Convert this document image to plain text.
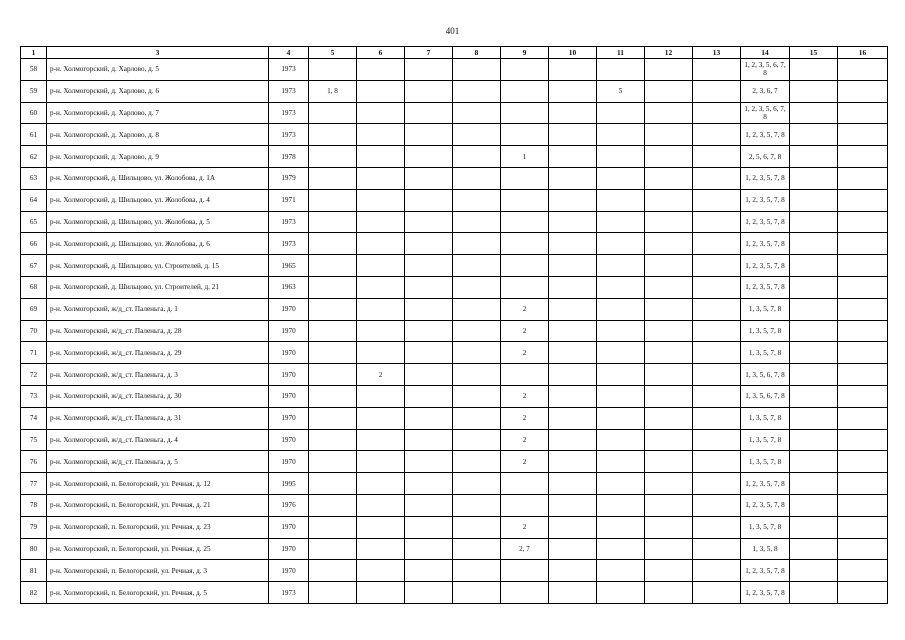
401
1	3	4	5	6	7	8	9	10	11	12	13	14	15	16
58	р-н. Холмогорский, д. Харлово, д. 5	1973										1, 2, 3, 5, 6, 7, 8		
59	р-н. Холмогорский, д. Харлово, д. 6	1973	1, 8						5			2, 3, 6, 7		
60	р-н. Холмогорский, д. Харлово, д. 7	1973										1, 2, 3, 5, 6, 7, 8		
61	р-н. Холмогорский, д. Харлово, д. 8	1973										1, 2, 3, 5, 7, 8		
62	р-н. Холмогорский, д. Харлово, д. 9	1978					1					2, 5, 6, 7, 8		
63	р-н. Холмогорский, д. Шильцово, ул. Жолобова, д. 1А	1979										1, 2, 3, 5, 7, 8		
64	р-н. Холмогорский, д. Шильцово, ул. Жолобова, д. 4	1971										1, 2, 3, 5, 7, 8		
65	р-н. Холмогорский, д. Шильцово, ул. Жолобова, д. 5	1973										1, 2, 3, 5, 7, 8		
66	р-н. Холмогорский, д. Шильцово, ул. Жолобова, д. 6	1973										1, 2, 3, 5, 7, 8		
67	р-н. Холмогорский, д. Шильцово, ул. Строителей, д. 15	1965										1, 2, 3, 5, 7, 8		
68	р-н. Холмогорский, д. Шильцово, ул. Строителей, д. 21	1963										1, 2, 3, 5, 7, 8		
69	р-н. Холмогорский, ж/д_ст. Паленьга, д. 1	1970					2					1, 3, 5, 7, 8		
70	р-н. Холмогорский, ж/д_ст. Паленьга, д. 28	1970					2					1, 3, 5, 7, 8		
71	р-н. Холмогорский, ж/д_ст. Паленьга, д. 29	1970					2					1, 3, 5, 7, 8		
72	р-н. Холмогорский, ж/д_ст. Паленьга, д. 3	1970		2								1, 3, 5, 6, 7, 8		
73	р-н. Холмогорский, ж/д_ст. Паленьга, д. 30	1970					2					1, 3, 5, 6, 7, 8		
74	р-н. Холмогорский, ж/д_ст. Паленьга, д. 31	1970					2					1, 3, 5, 7, 8		
75	р-н. Холмогорский, ж/д_ст. Паленьга, д. 4	1970					2					1, 3, 5, 7, 8		
76	р-н. Холмогорский, ж/д_ст. Паленьга, д. 5	1970					2					1, 3, 5, 7, 8		
77	р-н. Холмогорский, п. Белогорский, ул. Речная, д. 12	1995										1, 2, 3, 5, 7, 8		
78	р-н. Холмогорский, п. Белогорский, ул. Речная, д. 21	1976										1, 2, 3, 5, 7, 8		
79	р-н. Холмогорский, п. Белогорский, ул. Речная, д. 23	1970					2					1, 3, 5, 7, 8		
80	р-н. Холмогорский, п. Белогорский, ул. Речная, д. 25	1970					2, 7					1, 3, 5, 8		
81	р-н. Холмогорский, п. Белогорский, ул. Речная, д. 3	1970										1, 2, 3, 5, 7, 8		
82	р-н. Холмогорский, п. Белогорский, ул. Речная, д. 5	1973										1, 2, 3, 5, 7, 8		
